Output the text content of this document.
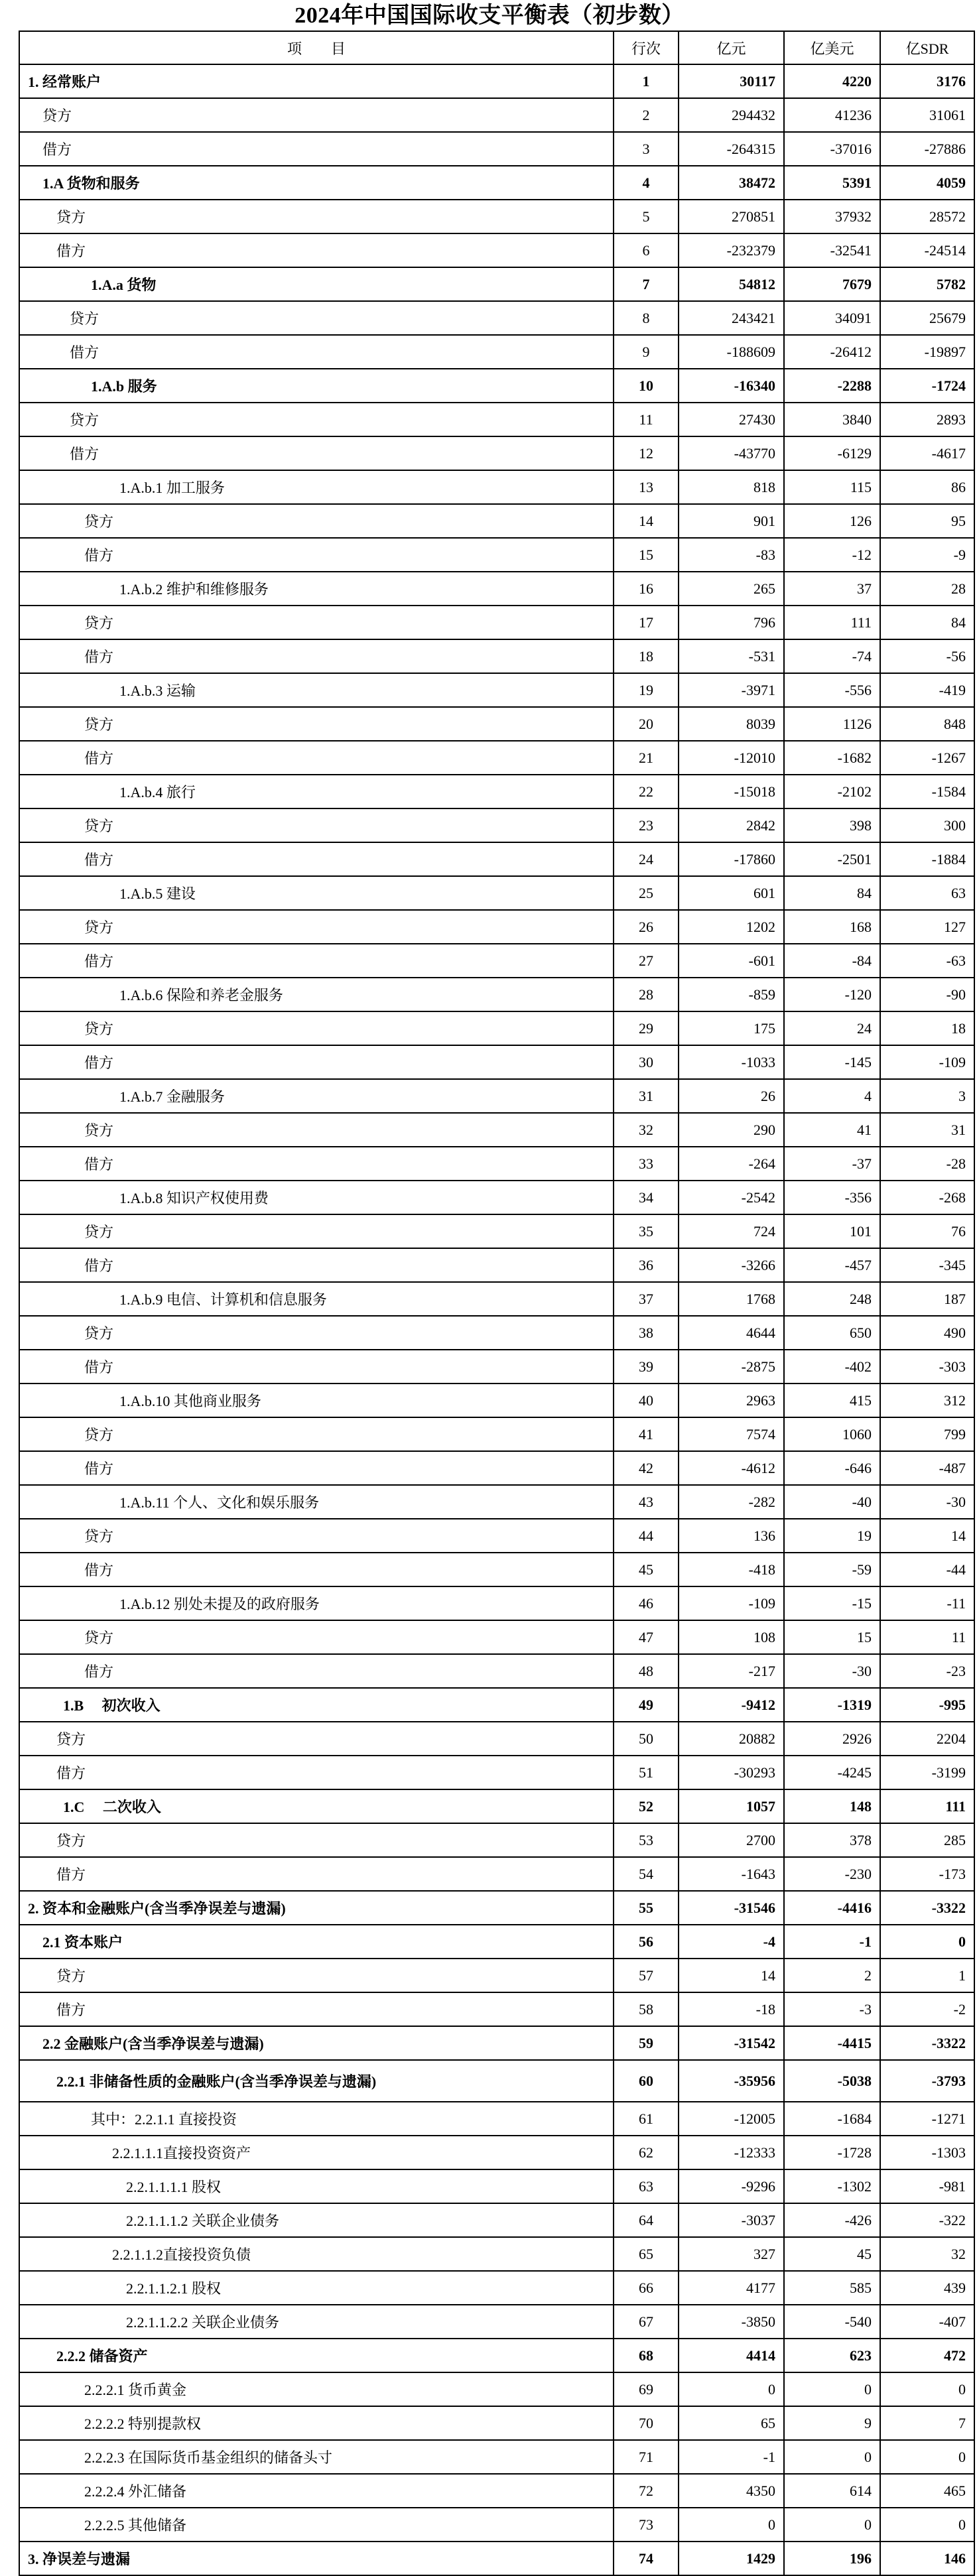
2024年中国国际收支平衡表（初步数）
项　　目	行次	亿元	亿美元	亿SDR
1. 经常账户	1	30117	4220	3176
贷方	2	294432	41236	31061
借方	3	-264315	-37016	-27886
1.A 货物和服务	4	38472	5391	4059
贷方	5	270851	37932	28572
借方	6	-232379	-32541	-24514
1.A.a 货物	7	54812	7679	5782
贷方	8	243421	34091	25679
借方	9	-188609	-26412	-19897
1.A.b 服务	10	-16340	-2288	-1724
贷方	11	27430	3840	2893
借方	12	-43770	-6129	-4617
1.A.b.1 加工服务	13	818	115	86
贷方	14	901	126	95
借方	15	-83	-12	-9
1.A.b.2 维护和维修服务	16	265	37	28
贷方	17	796	111	84
借方	18	-531	-74	-56
1.A.b.3 运输	19	-3971	-556	-419
贷方	20	8039	1126	848
借方	21	-12010	-1682	-1267
1.A.b.4 旅行	22	-15018	-2102	-1584
贷方	23	2842	398	300
借方	24	-17860	-2501	-1884
1.A.b.5 建设	25	601	84	63
贷方	26	1202	168	127
借方	27	-601	-84	-63
1.A.b.6 保险和养老金服务	28	-859	-120	-90
贷方	29	175	24	18
借方	30	-1033	-145	-109
1.A.b.7 金融服务	31	26	4	3
贷方	32	290	41	31
借方	33	-264	-37	-28
1.A.b.8 知识产权使用费	34	-2542	-356	-268
贷方	35	724	101	76
借方	36	-3266	-457	-345
1.A.b.9 电信、计算机和信息服务	37	1768	248	187
贷方	38	4644	650	490
借方	39	-2875	-402	-303
1.A.b.10 其他商业服务	40	2963	415	312
贷方	41	7574	1060	799
借方	42	-4612	-646	-487
1.A.b.11 个人、文化和娱乐服务	43	-282	-40	-30
贷方	44	136	19	14
借方	45	-418	-59	-44
1.A.b.12 别处未提及的政府服务	46	-109	-15	-11
贷方	47	108	15	11
借方	48	-217	-30	-23
1.B　 初次收入	49	-9412	-1319	-995
贷方	50	20882	2926	2204
借方	51	-30293	-4245	-3199
1.C　 二次收入	52	1057	148	111
贷方	53	2700	378	285
借方	54	-1643	-230	-173
2. 资本和金融账户(含当季净误差与遗漏)	55	-31546	-4416	-3322
2.1 资本账户	56	-4	-1	0
贷方	57	14	2	1
借方	58	-18	-3	-2
2.2 金融账户(含当季净误差与遗漏)	59	-31542	-4415	-3322
2.2.1 非储备性质的金融账户(含当季净误差与遗漏)	60	-35956	-5038	-3793
其中：2.2.1.1 直接投资	61	-12005	-1684	-1271
2.2.1.1.1直接投资资产	62	-12333	-1728	-1303
2.2.1.1.1.1 股权	63	-9296	-1302	-981
2.2.1.1.1.2 关联企业债务	64	-3037	-426	-322
2.2.1.1.2直接投资负债	65	327	45	32
2.2.1.1.2.1 股权	66	4177	585	439
2.2.1.1.2.2 关联企业债务	67	-3850	-540	-407
2.2.2 储备资产	68	4414	623	472
2.2.2.1 货币黄金	69	0	0	0
2.2.2.2 特别提款权	70	65	9	7
2.2.2.3 在国际货币基金组织的储备头寸	71	-1	0	0
2.2.2.4 外汇储备	72	4350	614	465
2.2.2.5 其他储备	73	0	0	0
3. 净误差与遗漏	74	1429	196	146
